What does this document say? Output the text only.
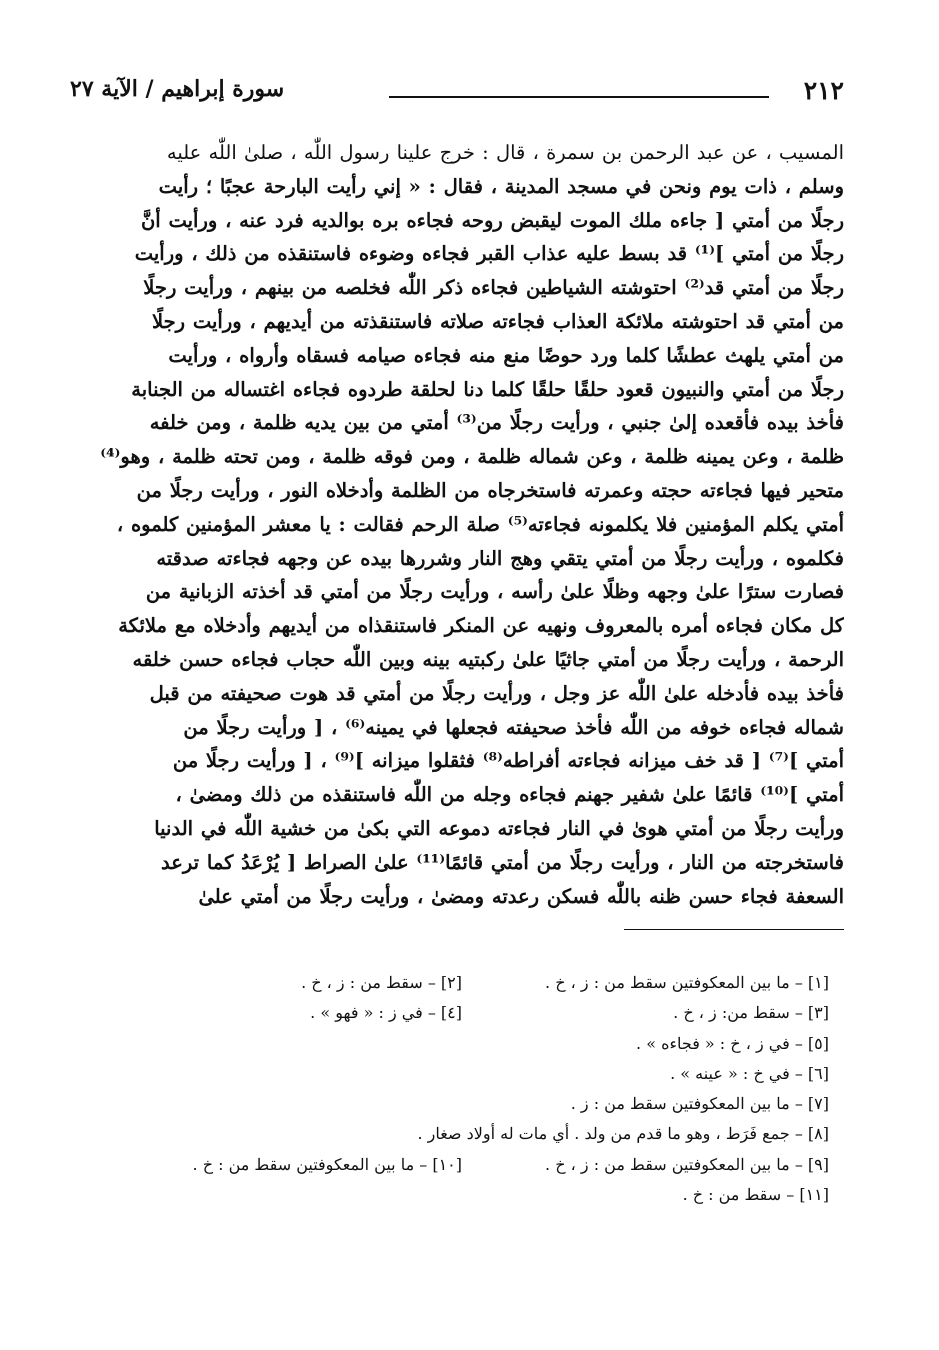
٢١٢
سورة إبراهيم / الآية ٢٧
المسيب ، عن عبد الرحمن بن سمرة ، قال : خرج علينا رسول اللّٰه ، صلىٰ اللّٰه عليه
وسلم ، ذات يوم ونحن في مسجد المدينة ، فقال : « إني رأيت البارحة عجبًا ؛ رأيت
رجلًا من أمتي [ جاءه ملك الموت ليقبض روحه فجاءه بره بوالديه فرد عنه ، ورأيت أنَّ
رجلًا من أمتي ]⁽¹⁾ قد بسط عليه عذاب القبر فجاءه وضوءه فاستنقذه من ذلك ، ورأيت
رجلًا من أمتي قد⁽²⁾ احتوشته الشياطين فجاءه ذكر اللّٰه فخلصه من بينهم ، ورأيت رجلًا
من أمتي قد احتوشته ملائكة العذاب فجاءته صلاته فاستنقذته من أيديهم ، ورأيت رجلًا
من أمتي يلهث عطشًا كلما ورد حوضًا منع منه فجاءه صيامه فسقاه وأرواه ، ورأيت
رجلًا من أمتي والنبيون قعود حلقًا حلقًا كلما دنا لحلقة طردوه فجاءه اغتساله من الجنابة
فأخذ بيده فأقعده إلىٰ جنبي ، ورأيت رجلًا من⁽³⁾ أمتي من بين يديه ظلمة ، ومن خلفه
ظلمة ، وعن يمينه ظلمة ، وعن شماله ظلمة ، ومن فوقه ظلمة ، ومن تحته ظلمة ، وهو⁽⁴⁾
متحير فيها فجاءته حجته وعمرته فاستخرجاه من الظلمة وأدخلاه النور ، ورأيت رجلًا من
أمتي يكلم المؤمنين فلا يكلمونه فجاءته⁽⁵⁾ صلة الرحم فقالت : يا معشر المؤمنين كلموه ،
فكلموه ، ورأيت رجلًا من أمتي يتقي وهج النار وشررها بيده عن وجهه فجاءته صدقته
فصارت سترًا علىٰ وجهه وظلًا علىٰ رأسه ، ورأيت رجلًا من أمتي قد أخذته الزبانية من
كل مكان فجاءه أمره بالمعروف ونهيه عن المنكر فاستنقذاه من أيديهم وأدخلاه مع ملائكة
الرحمة ، ورأيت رجلًا من أمتي جاثيًا علىٰ ركبتيه بينه وبين اللّٰه حجاب فجاءه حسن خلقه
فأخذ بيده فأدخله علىٰ اللّٰه عز وجل ، ورأيت رجلًا من أمتي قد هوت صحيفته من قبل
شماله فجاءه خوفه من اللّٰه فأخذ صحيفته فجعلها في يمينه⁽⁶⁾ ، [ ورأيت رجلًا من
أمتي ]⁽⁷⁾ [ قد خف ميزانه فجاءته أفراطه⁽⁸⁾ فثقلوا ميزانه ]⁽⁹⁾ ، [ ورأيت رجلًا من
أمتي ]⁽¹⁰⁾ قائمًا علىٰ شفير جهنم فجاءه وجله من اللّٰه فاستنقذه من ذلك ومضىٰ ،
ورأيت رجلًا من أمتي هوىٰ في النار فجاءته دموعه التي بكىٰ من خشية اللّٰه في الدنيا
فاستخرجته من النار ، ورأيت رجلًا من أمتي قائمًا⁽¹¹⁾ علىٰ الصراط [ يُرْعَدُ كما ترعد
السعفة فجاء حسن ظنه باللّٰه فسكن رعدته ومضىٰ ، ورأيت رجلًا من أمتي علىٰ
[١] – ما بين المعكوفتين سقط من : ز ، خ .
[٢] – سقط من : ز ، خ .
[٣] – سقط من: ز ، خ .
[٤] – في ز : « فهو » .
[٥] – في ز ، خ : « فجاءه » .
[٦] – في خ : « عينه » .
[٧] – ما بين المعكوفتين سقط من : ز .
[٨] – جمع فَرَط ، وهو ما قدم من ولد . أي مات له أولاد صغار .
[٩] – ما بين المعكوفتين سقط من : ز ، خ .
[١٠] – ما بين المعكوفتين سقط من : خ .
[١١] – سقط من : خ .
